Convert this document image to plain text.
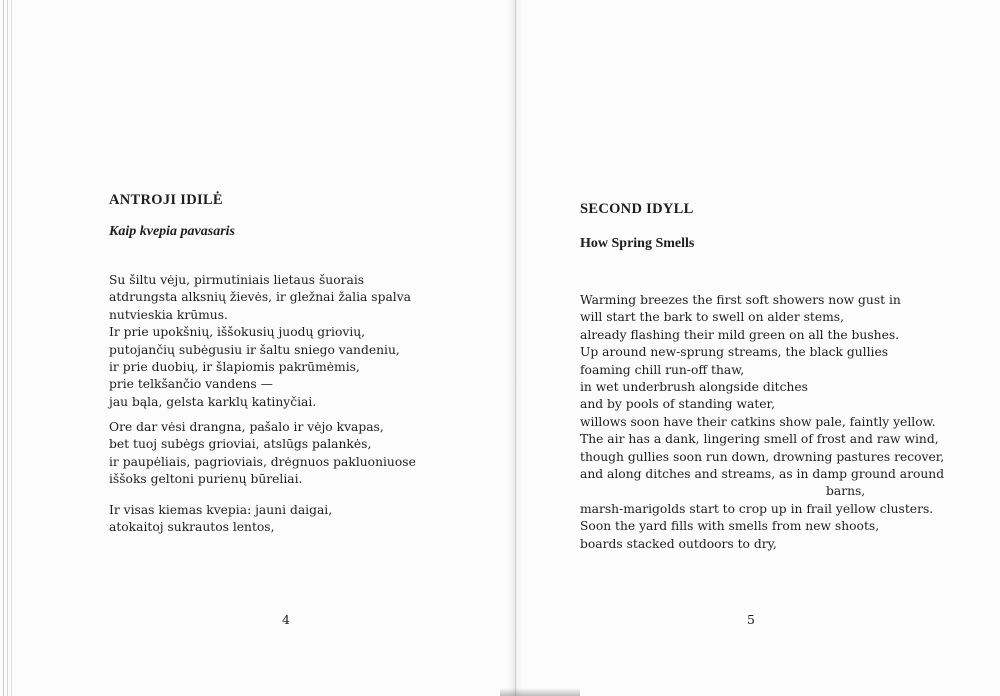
ANTROJI IDILĖ
Kaip kvepia pavasaris
Su šiltu vėju, pirmutiniais lietaus šuorais
atdrungsta alksnių žievės, ir gležnai žalia spalva
nutvieskia krūmus.
Ir prie upokšnių, iššokusių juodų griovių,
putojančių subėgusiu ir šaltu sniego vandeniu,
ir prie duobių, ir šlapiomis pakrūmėmis,
prie telkšančio vandens —
jau bąla, gelsta karklų katinyčiai.
Ore dar vėsi drangna, pašalo ir vėjo kvapas,
bet tuoj subėgs grioviai, atslūgs palankės,
ir paupėliais, pagrioviais, drėgnuos pakluoniuose
iššoks geltoni purienų būreliai.
Ir visas kiemas kvepia: jauni daigai,
atokaitoj sukrautos lentos,
4
SECOND IDYLL
How Spring Smells
Warming breezes the first soft showers now gust in
will start the bark to swell on alder stems,
already flashing their mild green on all the bushes.
Up around new-sprung streams, the black gullies
foaming chill run-off thaw,
in wet underbrush alongside ditches
and by pools of standing water,
willows soon have their catkins show pale, faintly yellow.
The air has a dank, lingering smell of frost and raw wind,
though gullies soon run down, drowning pastures recover,
and along ditches and streams, as in damp ground around
barns,
marsh-marigolds start to crop up in frail yellow clusters.
Soon the yard fills with smells from new shoots,
boards stacked outdoors to dry,
5
